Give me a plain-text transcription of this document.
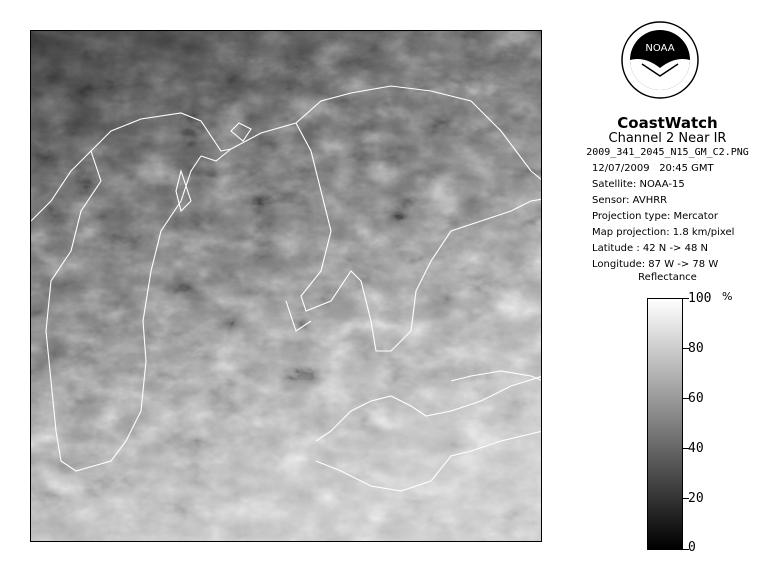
NOAA
CoastWatch
Channel 2 Near IR
2009_341_2045_N15_GM_C2.PNG
12/07/2009 20:45 GMT
Satellite: NOAA-15
Sensor: AVHRR
Projection type: Mercator
Map projection: 1.8 km/pixel
Latitude : 42 N -> 48 N
Longitude: 87 W -> 78 W
Reflectance
%
100
80
60
40
20
0
